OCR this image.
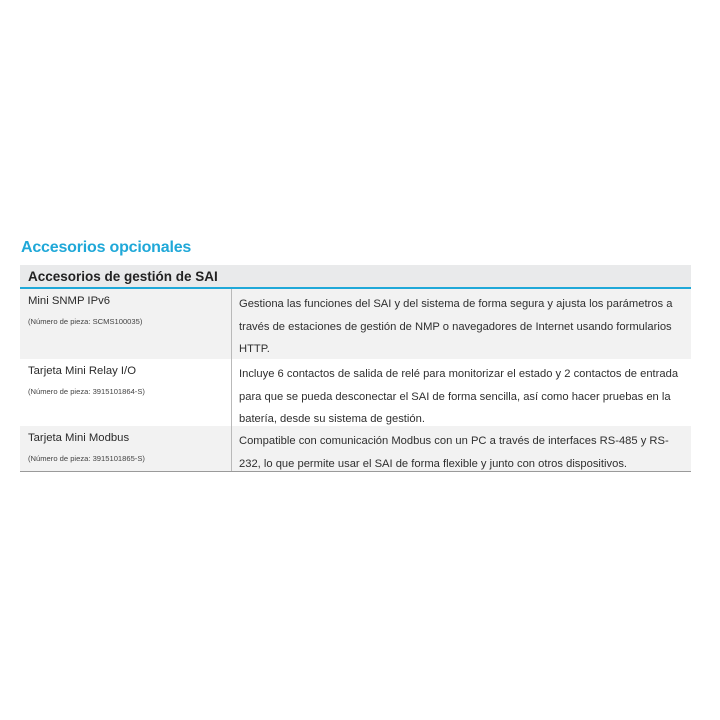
Accesorios opcionales
Accesorios de gestión de SAI
Mini SNMP IPv6
(Número de pieza: SCMS100035)
Gestiona las funciones del SAI y del sistema de forma segura y ajusta los parámetros a través de estaciones de gestión de NMP o navegadores de Internet usando formularios HTTP.
Tarjeta Mini Relay I/O
(Número de pieza: 3915101864-S)
Incluye 6 contactos de salida de relé para monitorizar el estado y 2 contactos de entrada para que se pueda desconectar el SAI de forma sencilla, así como hacer pruebas en la batería, desde su sistema de gestión.
Tarjeta Mini Modbus
(Número de pieza: 3915101865-S)
Compatible con comunicación Modbus con un PC a través de interfaces RS-485 y RS-232, lo que permite usar el SAI de forma flexible y junto con otros dispositivos.
